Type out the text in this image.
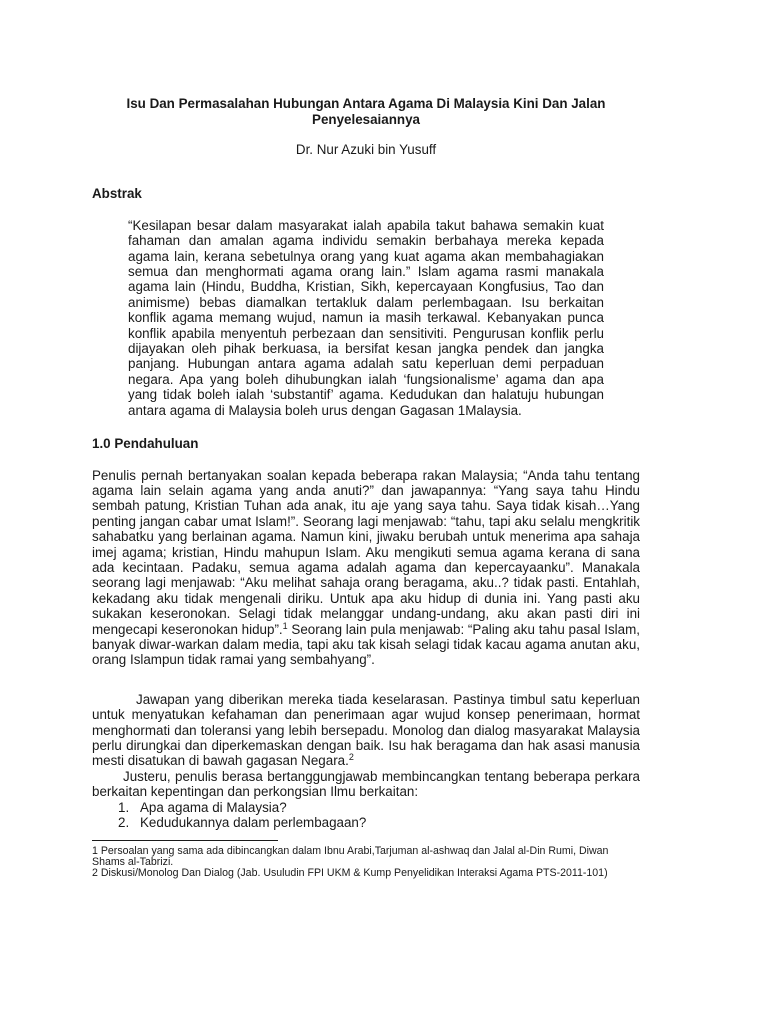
Isu Dan Permasalahan Hubungan Antara Agama Di Malaysia Kini Dan Jalan Penyelesaiannya
Dr. Nur Azuki bin Yusuff
Abstrak
“Kesilapan besar dalam masyarakat ialah apabila takut bahawa semakin kuat fahaman dan amalan agama individu semakin berbahaya mereka kepada agama lain, kerana sebetulnya orang yang kuat agama akan membahagiakan semua dan menghormati agama orang lain.” Islam agama rasmi manakala agama lain (Hindu, Buddha, Kristian, Sikh, kepercayaan Kongfusius, Tao dan animisme) bebas diamalkan tertakluk dalam perlembagaan. Isu berkaitan konflik agama memang wujud, namun ia masih terkawal. Kebanyakan punca konflik apabila menyentuh perbezaan dan sensitiviti. Pengurusan konflik perlu dijayakan oleh pihak berkuasa, ia bersifat kesan jangka pendek dan jangka panjang. Hubungan antara agama adalah satu keperluan demi perpaduan negara. Apa yang boleh dihubungkan ialah ‘fungsionalisme’ agama dan apa yang tidak boleh ialah ‘substantif’ agama. Kedudukan dan halatuju hubungan antara agama di Malaysia boleh urus dengan Gagasan 1Malaysia.
1.0 Pendahuluan

Penulis pernah bertanyakan soalan kepada beberapa rakan Malaysia; “Anda tahu tentang agama lain selain agama yang anda anuti?” dan jawapannya: “Yang saya tahu Hindu sembah patung, Kristian Tuhan ada anak, itu aje yang saya tahu. Saya tidak kisah…Yang penting jangan cabar umat Islam!”. Seorang lagi menjawab: “tahu, tapi aku selalu mengkritik sahabatku yang berlainan agama. Namun kini, jiwaku berubah untuk menerima apa sahaja imej agama; kristian, Hindu mahupun Islam. Aku mengikuti semua agama kerana di sana ada kecintaan. Padaku, semua agama adalah agama dan kepercayaanku”. Manakala seorang lagi menjawab: “Aku melihat sahaja orang beragama, aku..? tidak pasti. Entahlah, kekadang aku tidak mengenali diriku. Untuk apa aku hidup di dunia ini. Yang pasti aku sukakan keseronokan. Selagi tidak melanggar undang-undang, aku akan pasti diri ini mengecapi keseronokan hidup”.$^1$ Seorang lain pula menjawab: “Paling aku tahu pasal Islam, banyak diwar-warkan dalam media, tapi aku tak kisah selagi tidak kacau agama anutan aku, orang Islampun tidak ramai yang sembahyang”.

Jawapan yang diberikan mereka tiada keselarasan. Pastinya timbul satu keperluan untuk menyatukan kefahaman dan penerimaan agar wujud konsep penerimaan, hormat menghormati dan toleransi yang lebih bersepadu. Monolog dan dialog masyarakat Malaysia perlu dirungkai dan diperkemaskan dengan baik. Isu hak beragama dan hak asasi manusia mesti disatukan di bawah gagasan Negara.$^2$

Justeru, penulis berasa bertanggungjawab membincangkan tentang beberapa perkara berkaitan kepentingan dan perkongsian Ilmu berkaitan:

1. Apa agama di Malaysia?
2. Kedudukannya dalam perlembagaan?

1 Persoalan yang sama ada dibincangkan dalam Ibnu Arabi,Tarjuman al-ashwaq dan Jalal al-Din Rumi, Diwan Shams al-Tabrizi.

2 Diskusi/Monolog Dan Dialog (Jab. Usuludin FPI UKM & Kump Penyelidikan Interaksi Agama PTS-2011-101)
